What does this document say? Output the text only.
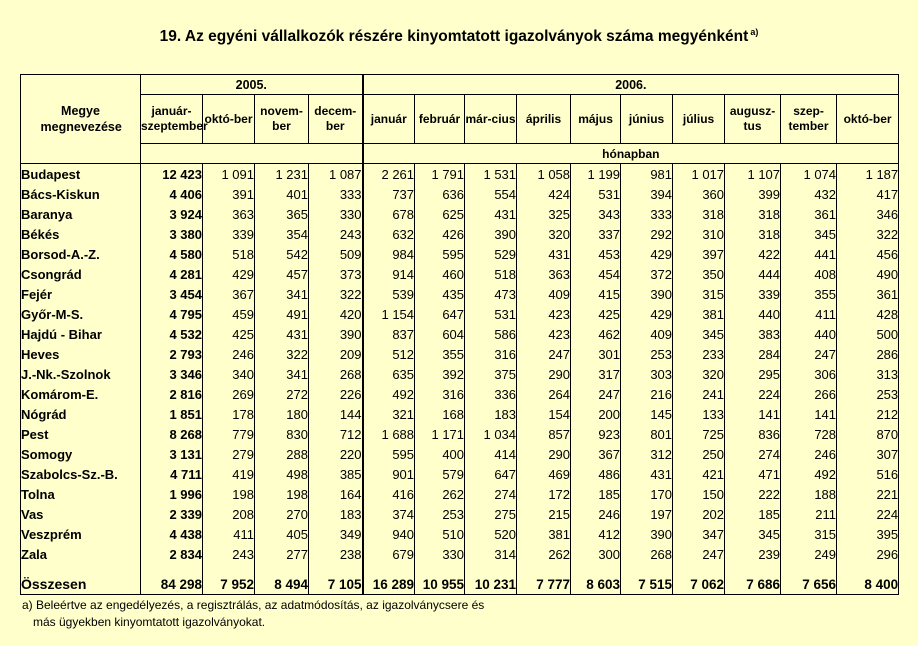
19. Az egyéni vállalkozók részére kinyomtatott igazolványok száma megyénként $^{a)}$
Megye megnevezése	2005.				2006.									
	január-szeptember	októ-ber	novem-ber	decem-ber	január	február	már-cius	április	május	június	július	augusz-tus	szep-tember	októ-ber
					hónapban									
Budapest	12 423	1 091	1 231	1 087	2 261	1 791	1 531	1 058	1 199	981	1 017	1 107	1 074	1 187
Bács-Kiskun	4 406	391	401	333	737	636	554	424	531	394	360	399	432	417
Baranya	3 924	363	365	330	678	625	431	325	343	333	318	318	361	346
Békés	3 380	339	354	243	632	426	390	320	337	292	310	318	345	322
Borsod-A.-Z.	4 580	518	542	509	984	595	529	431	453	429	397	422	441	456
Csongrád	4 281	429	457	373	914	460	518	363	454	372	350	444	408	490
Fejér	3 454	367	341	322	539	435	473	409	415	390	315	339	355	361
Győr-M-S.	4 795	459	491	420	1 154	647	531	423	425	429	381	440	411	428
Hajdú - Bihar	4 532	425	431	390	837	604	586	423	462	409	345	383	440	500
Heves	2 793	246	322	209	512	355	316	247	301	253	233	284	247	286
J.-Nk.-Szolnok	3 346	340	341	268	635	392	375	290	317	303	320	295	306	313
Komárom-E.	2 816	269	272	226	492	316	336	264	247	216	241	224	266	253
Nógrád	1 851	178	180	144	321	168	183	154	200	145	133	141	141	212
Pest	8 268	779	830	712	1 688	1 171	1 034	857	923	801	725	836	728	870
Somogy	3 131	279	288	220	595	400	414	290	367	312	250	274	246	307
Szabolcs-Sz.-B.	4 711	419	498	385	901	579	647	469	486	431	421	471	492	516
Tolna	1 996	198	198	164	416	262	274	172	185	170	150	222	188	221
Vas	2 339	208	270	183	374	253	275	215	246	197	202	185	211	224
Veszprém	4 438	411	405	349	940	510	520	381	412	390	347	345	315	395
Zala	2 834	243	277	238	679	330	314	262	300	268	247	239	249	296
Összesen	84 298	7 952	8 494	7 105	16 289	10 955	10 231	7 777	8 603	7 515	7 062	7 686	7 656	8 400
a) Beleértve az engedélyezés, a regisztrálás, az adatmódosítás, az igazolványcsere és
más ügyekben kinyomtatott igazolványokat.
